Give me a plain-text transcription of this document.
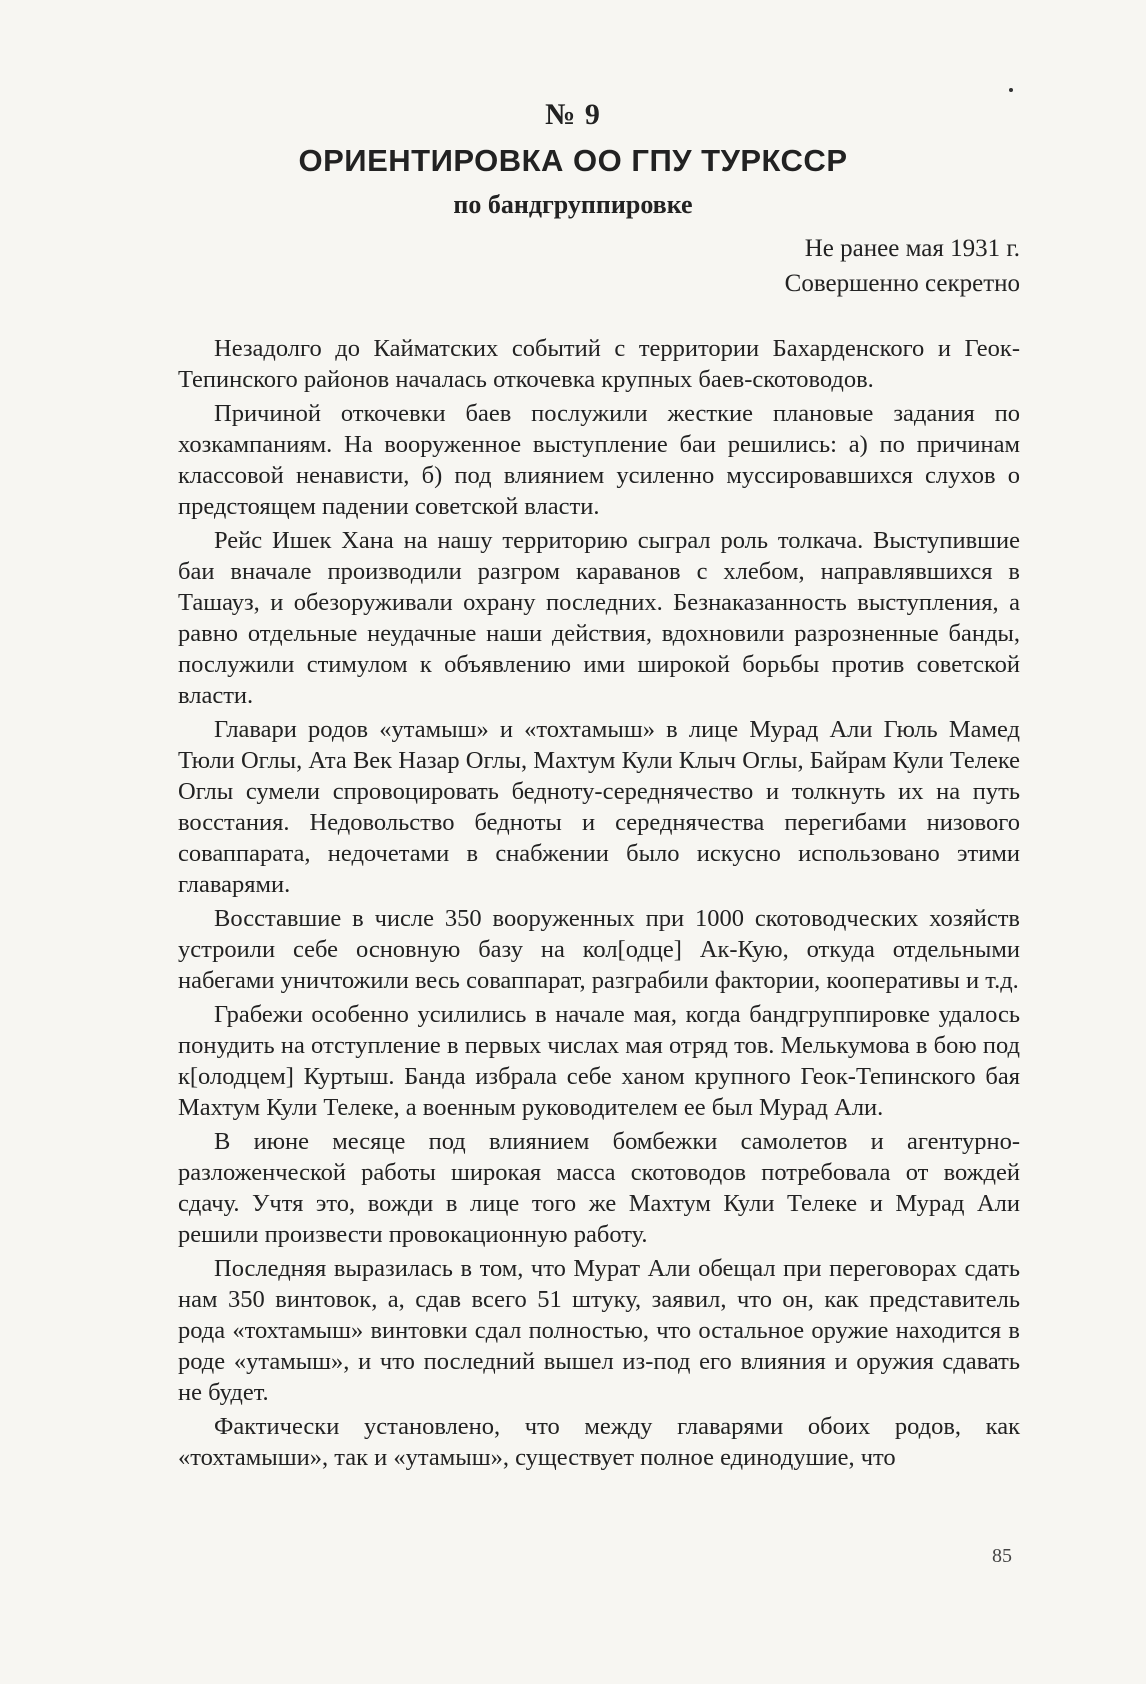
№ 9
ОРИЕНТИРОВКА ОО ГПУ ТУРКССР
по бандгруппировке
Не ранее мая 1931 г.
Совершенно секретно

Незадолго до Кайматских событий с территории Бахарденского и Геок-Тепинского районов началась откочевка крупных баев-скотоводов.

Причиной откочевки баев послужили жесткие плановые задания по хозкампаниям. На вооруженное выступление баи решились: а) по причинам классовой ненависти, б) под влиянием усиленно муссировавшихся слухов о предстоящем падении советской власти.

Рейс Ишек Хана на нашу территорию сыграл роль толкача. Выступившие баи вначале производили разгром караванов с хлебом, направлявшихся в Ташауз, и обезоруживали охрану последних. Безнаказанность выступления, а равно отдельные неудачные наши действия, вдохновили разрозненные банды, послужили стимулом к объявлению ими широкой борьбы против советской власти.

Главари родов «утамыш» и «тохтамыш» в лице Мурад Али Гюль Мамед Тюли Оглы, Ата Век Назар Оглы, Махтум Кули Клыч Оглы, Байрам Кули Телеке Оглы сумели спровоцировать бедноту-середнячество и толкнуть их на путь восстания. Недовольство бедноты и середнячества перегибами низового соваппарата, недочетами в снабжении было искусно использовано этими главарями.

Восставшие в числе 350 вооруженных при 1000 скотоводческих хозяйств устроили себе основную базу на кол[одце] Ак-Кую, откуда отдельными набегами уничтожили весь соваппарат, разграбили фактории, кооперативы и т.д.

Грабежи особенно усилились в начале мая, когда бандгруппировке удалось понудить на отступление в первых числах мая отряд тов. Мелькумова в бою под к[олодцем] Куртыш. Банда избрала себе ханом крупного Геок-Тепинского бая Махтум Кули Телеке, а военным руководителем ее был Мурад Али.

В июне месяце под влиянием бомбежки самолетов и агентурно-разложенческой работы широкая масса скотоводов потребовала от вождей сдачу. Учтя это, вожди в лице того же Махтум Кули Телеке и Мурад Али решили произвести провокационную работу.

Последняя выразилась в том, что Мурат Али обещал при переговорах сдать нам 350 винтовок, а, сдав всего 51 штуку, заявил, что он, как представитель рода «тохтамыш» винтовки сдал полностью, что остальное оружие находится в роде «утамыш», и что последний вышел из-под его влияния и оружия сдавать не будет.

Фактически установлено, что между главарями обоих родов, как «тохтамыши», так и «утамыш», существует полное единодушие, что

85
